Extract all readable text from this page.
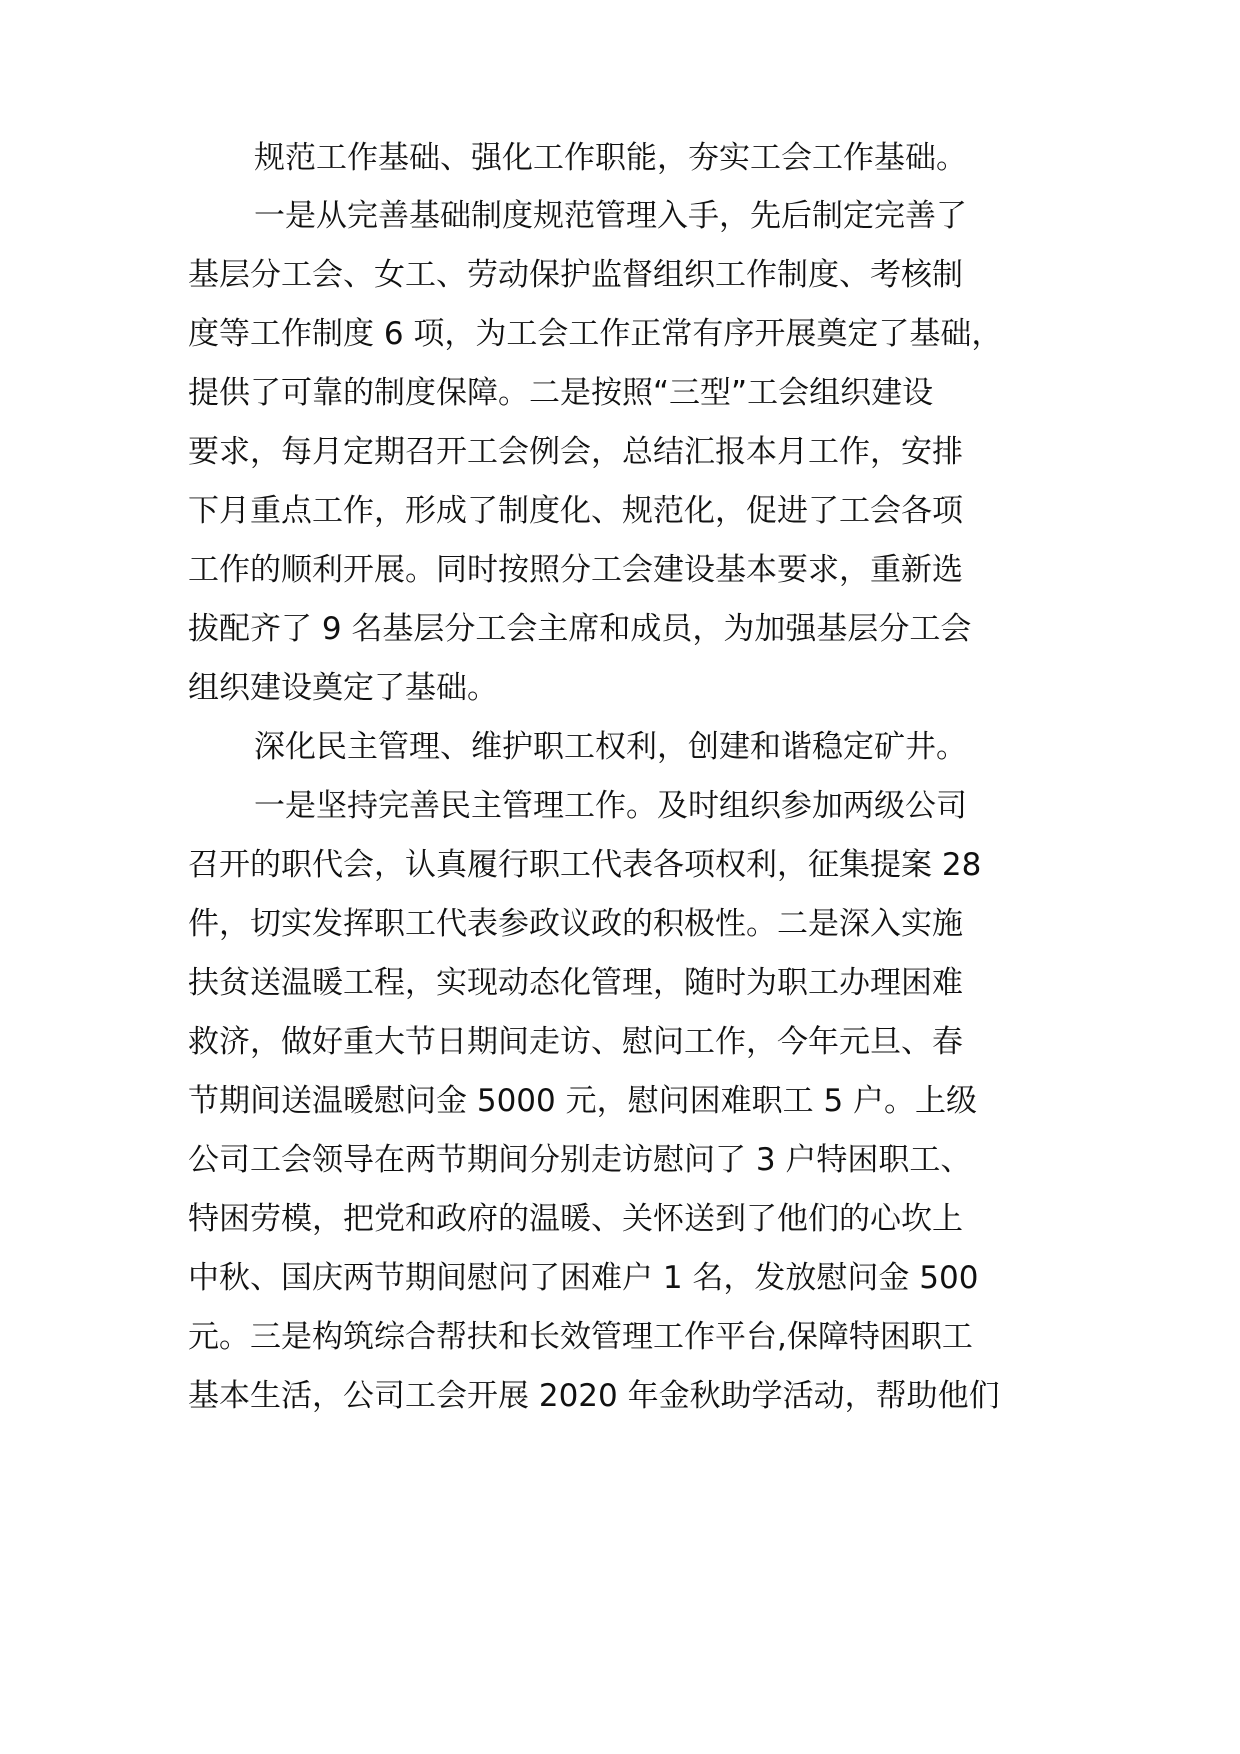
规范工作基础、强化工作职能，夯实工会工作基础。

一是从完善基础制度规范管理入手，先后制定完善了

基层分工会、女工、劳动保护监督组织工作制度、考核制

度等工作制度 6 项，为工会工作正常有序开展奠定了基础，

提供了可靠的制度保障。二是按照“三型”工会组织建设

要求，每月定期召开工会例会，总结汇报本月工作，安排

下月重点工作，形成了制度化、规范化，促进了工会各项

工作的顺利开展。同时按照分工会建设基本要求，重新选

拔配齐了 9 名基层分工会主席和成员，为加强基层分工会

组织建设奠定了基础。

深化民主管理、维护职工权利，创建和谐稳定矿井。

一是坚持完善民主管理工作。及时组织参加两级公司

召开的职代会，认真履行职工代表各项权利，征集提案 28

件，切实发挥职工代表参政议政的积极性。二是深入实施

扶贫送温暖工程，实现动态化管理，随时为职工办理困难

救济，做好重大节日期间走访、慰问工作，今年元旦、春

节期间送温暖慰问金 5000 元，慰问困难职工 5 户。上级

公司工会领导在两节期间分别走访慰问了 3 户特困职工、

特困劳模，把党和政府的温暖、关怀送到了他们的心坎上

中秋、国庆两节期间慰问了困难户 1 名，发放慰问金 500

元。三是构筑综合帮扶和长效管理工作平台,保障特困职工

基本生活，公司工会开展 2020 年金秋助学活动，帮助他们
